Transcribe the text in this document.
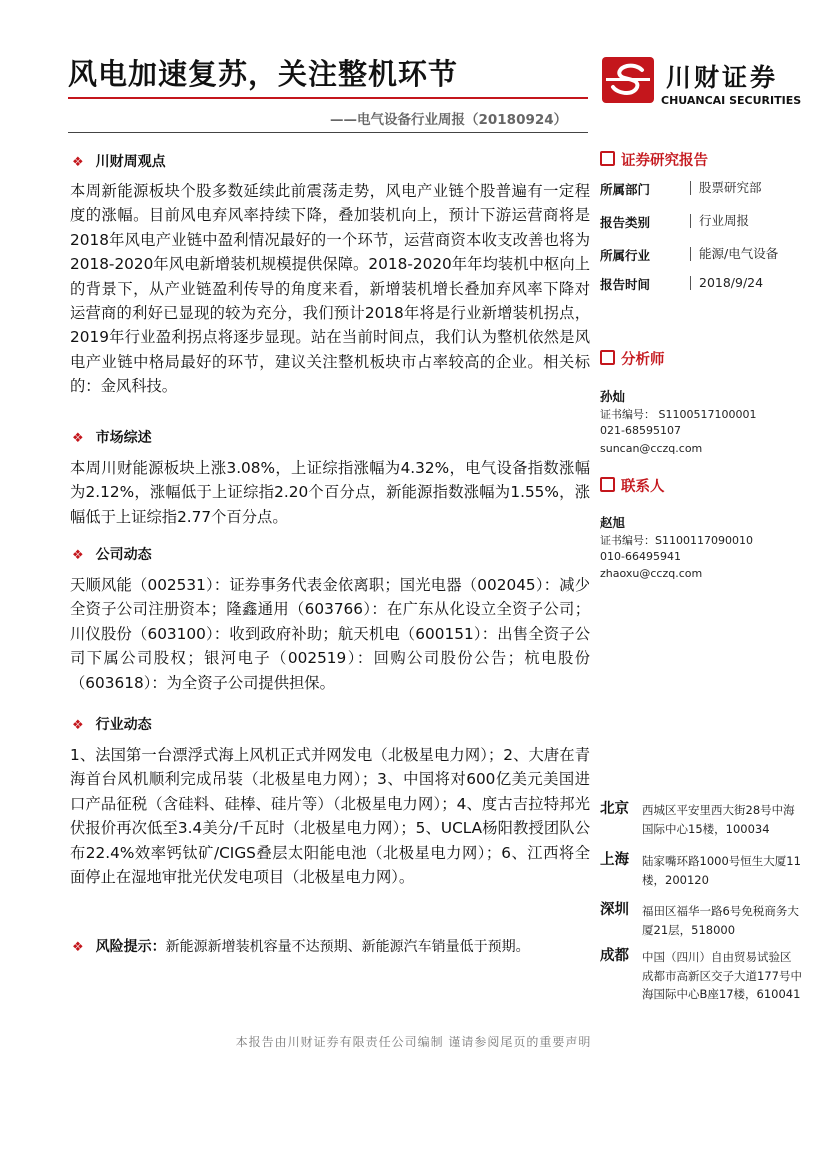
风电加速复苏，关注整机环节
——电气设备行业周报（20180924）
川财证券
CHUANCAI SECURITIES
❖ 川财周观点
本周新能源板块个股多数延续此前震荡走势，风电产业链个股普遍有一定程度的涨幅。目前风电弃风率持续下降，叠加装机向上，预计下游运营商将是2018年风电产业链中盈利情况最好的一个环节，运营商资本收支改善也将为2018-2020年风电新增装机规模提供保障。2018-2020年年均装机中枢向上的背景下，从产业链盈利传导的角度来看，新增装机增长叠加弃风率下降对运营商的利好已显现的较为充分，我们预计2018年将是行业新增装机拐点，2019年行业盈利拐点将逐步显现。站在当前时间点，我们认为整机依然是风电产业链中格局最好的环节，建议关注整机板块市占率较高的企业。相关标的：金风科技。
❖ 市场综述
本周川财能源板块上涨3.08%，上证综指涨幅为4.32%，电气设备指数涨幅为2.12%，涨幅低于上证综指2.20个百分点，新能源指数涨幅为1.55%，涨幅低于上证综指2.77个百分点。
❖ 公司动态
天顺风能（002531）：证券事务代表金依离职；国光电器（002045）：减少全资子公司注册资本；隆鑫通用（603766）：在广东从化设立全资子公司；川仪股份（603100）：收到政府补助；航天机电（600151）：出售全资子公司下属公司股权；银河电子（002519）：回购公司股份公告；杭电股份（603618）：为全资子公司提供担保。
❖ 行业动态
1、法国第一台漂浮式海上风机正式并网发电（北极星电力网）；2、大唐在青海首台风机顺利完成吊装（北极星电力网）；3、中国将对600亿美元美国进口产品征税（含硅料、硅棒、硅片等）（北极星电力网）；4、度古吉拉特邦光伏报价再次低至3.4美分/千瓦时（北极星电力网）；5、UCLA杨阳教授团队公布22.4%效率钙钛矿/CIGS叠层太阳能电池（北极星电力网）；6、江西将全面停止在湿地审批光伏发电项目（北极星电力网）。
❖ 风险提示：新能源新增装机容量不达预期、新能源汽车销量低于预期。
证券研究报告
所属部门	股票研究部
报告类别	行业周报
所属行业	能源/电气设备
报告时间	2018/9/24
分析师
孙灿
证书编号： S1100517100001
021-68595107
suncan@cczq.com
联系人
赵旭
证书编号：S1100117090010
010-66495941
zhaoxu@cczq.com
北京 西城区平安里西大街28号中海国际中心15楼，100034
上海 陆家嘴环路1000号恒生大厦11楼，200120
深圳 福田区福华一路6号免税商务大厦21层，518000
成都 中国（四川）自由贸易试验区成都市高新区交子大道177号中海国际中心B座17楼，610041
本报告由川财证券有限责任公司编制 谨请参阅尾页的重要声明
